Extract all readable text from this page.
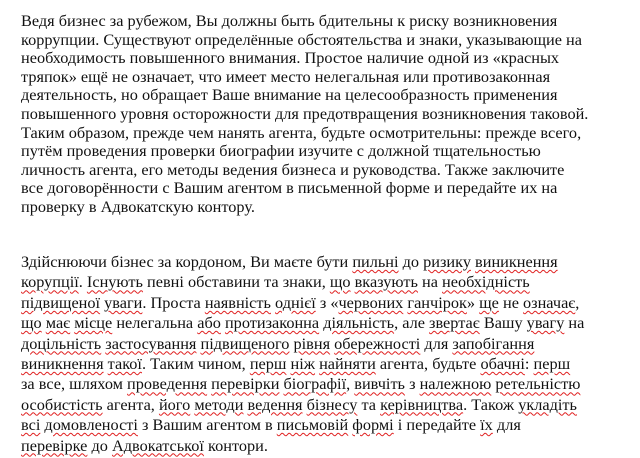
Ведя бизнес за рубежом, Вы должны быть бдительны к риску возникновения
коррупции. Существуют определённые обстоятельства и знаки, указывающие на
необходимость повышенного внимания. Простое наличие одной из «красных
тряпок» ещё не означает, что имеет место нелегальная или противозаконная
деятельность, но обращает Ваше внимание на целесообразность применения
повышенного уровня осторожности для предотвращения возникновения таковой.
Таким образом, прежде чем нанять агента, будьте осмотрительны: прежде всего,
путём проведения проверки биографии изучите с должной тщательностью
личность агента, его методы ведения бизнеса и руководства. Также заключите
все договорённости с Вашим агентом в письменной форме и передайте их на
проверку в Адвокатскую контору.
Здійснюючи бізнес за кордоном, Ви маєте бути пильні до ризику виникнення
корупції. Існують певні обставини та знаки, що вказують на необхідність
підвищеної уваги. Проста наявність однієї з «червоних ганчірок» ще не означає,
що має місце нелегальна або протизаконна діяльність, але звертає Вашу увагу на
доцільність застосування підвищеного рівня обережності для запобігання
виникнення такої. Таким чином, перш ніж найняти агента, будьте обачні: перш
за все, шляхом проведення перевірки біографії, вивчіть з належною ретельністю
особистість агента, його методи ведення бізнесу та керівництва. Також укладіть
всі домовленості з Вашим агентом в письмовій формі і передайте їх для
перевірке до Адвокатської контори.
